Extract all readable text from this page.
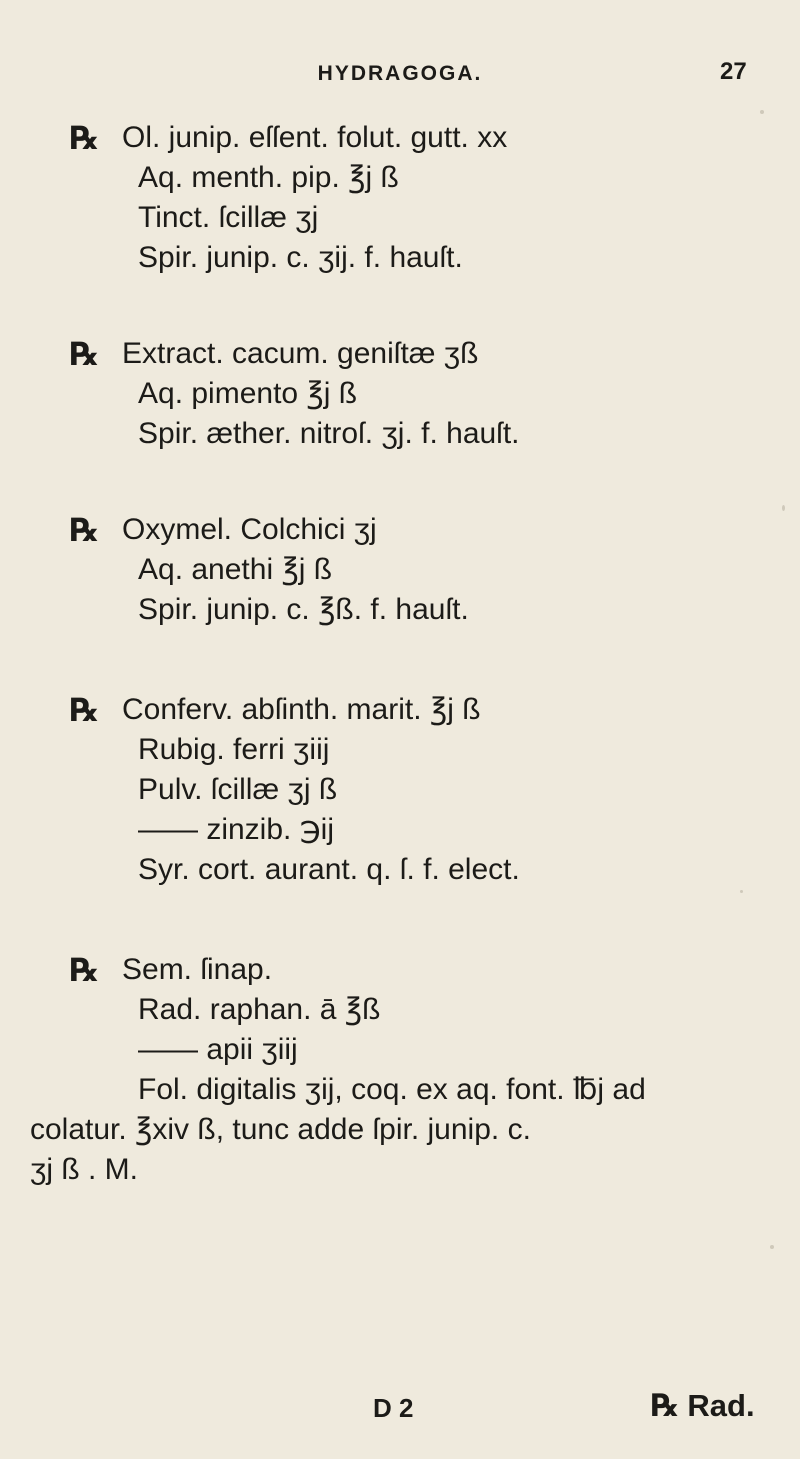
HYDRAGOGA.	27
℞ Ol. junip. eſſent. folut. gutt. xx
Aq. menth. pip. ℥j ß
Tinct. ſcillæ ʒj
Spir. junip. c. ʒij. f. hauſt.
℞ Extract. cacum. geniſtæ ʒß
Aq. pimento ℥j ß
Spir. æther. nitroſ. ʒj. f. hauſt.
℞ Oxymel. Colchici ʒj
Aq. anethi ℥j ß
Spir. junip. c. ℥ß. f. hauſt.
℞ Conferv. abſinth. marit. ℥j ß
Rubig. ferri ʒiij
Pulv. ſcillæ ʒj ß
—— zinzib. ℈ij
Syr. cort. aurant. q. ſ. f. elect.
℞ Sem. ſinap.
Rad. raphan. ā ℥ß
—— apii ʒiij
Fol. digitalis ʒij, coq. ex aq. font. ℔j ad
colatur. ℥xiv ß, tunc adde ſpir. junip. c.
ʒj ß . M.
D 2	℞ Rad.
